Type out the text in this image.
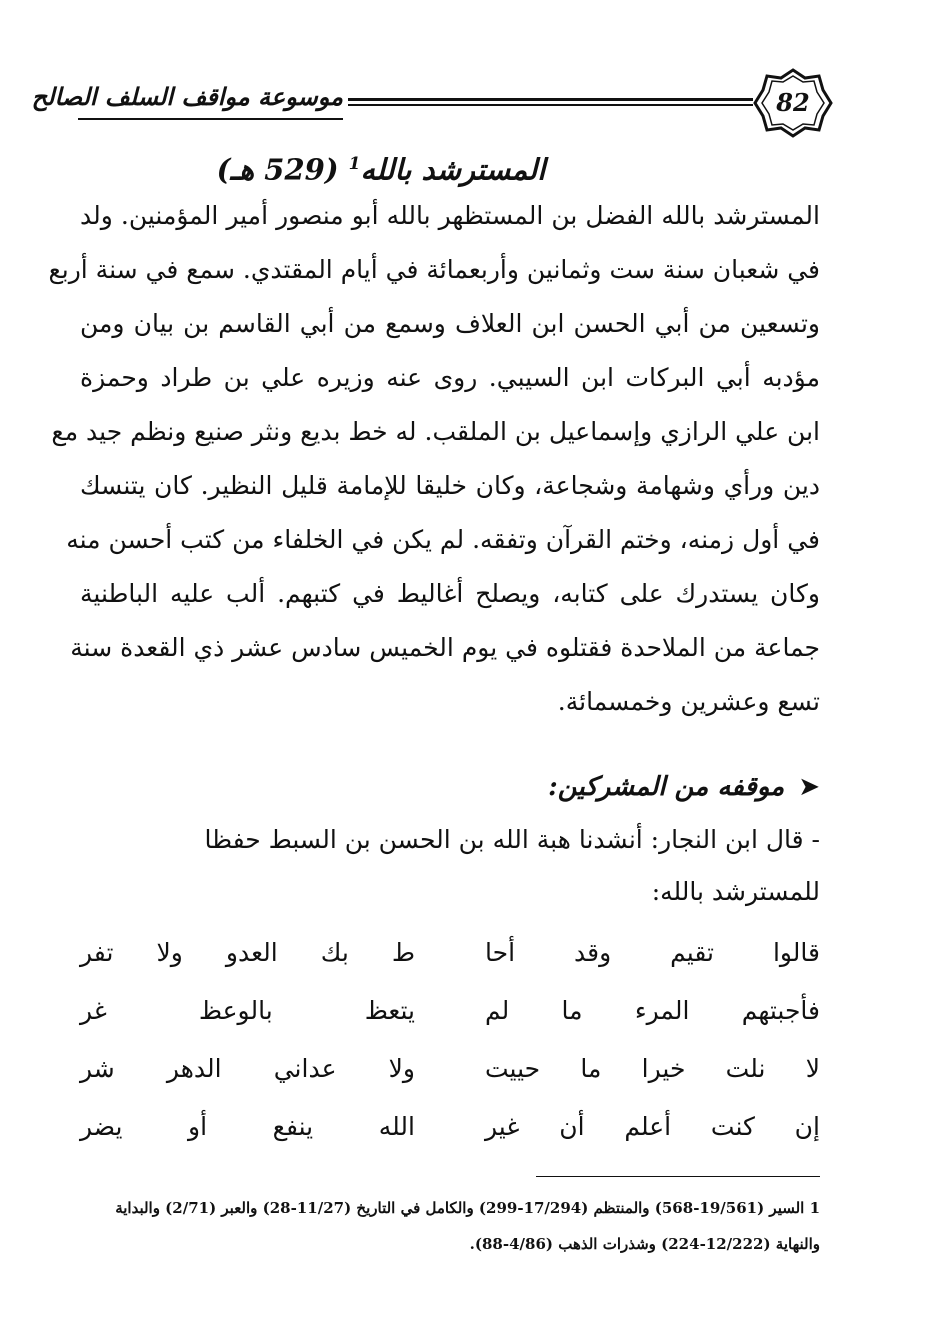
موسوعة مواقف السلف الصالح	82
المسترشد بالله$^1$ (529 هـ)
المسترشد بالله الفضل بن المستظهر بالله أبو منصور أمير المؤمنين. ولد
في شعبان سنة ست وثمانين وأربعمائة في أيام المقتدي. سمع في سنة أربع
وتسعين من أبي الحسن ابن العلاف وسمع من أبي القاسم بن بيان ومن
مؤدبه أبي البركات ابن السيبي. روى عنه وزيره علي بن طراد وحمزة
ابن علي الرازي وإسماعيل بن الملقب. له خط بديع ونثر صنيع ونظم جيد مع
دين ورأي وشهامة وشجاعة، وكان خليقا للإمامة قليل النظير. كان يتنسك
في أول زمنه، وختم القرآن وتفقه. لم يكن في الخلفاء من كتب أحسن منه
وكان يستدرك على كتابه، ويصلح أغاليط في كتبهم. ألب عليه الباطنية
جماعة من الملاحدة فقتلوه في يوم الخميس سادس عشر ذي القعدة سنة
تسع وعشرين وخمسمائة.
➤موقفه من المشركين:
- قال ابن النجار: أنشدنا هبة الله بن الحسن بن السبط حفظا
للمسترشد بالله:
قالوا تقيم وقد أحا
ط بك العدو ولا تفر
فأجبتهم المرء ما لم
يتعظ بالوعظ غر
لا نلت خيرا ما حييت
ولا عداني الدهر شر
إن كنت أعلم أن غير
الله ينفع أو يضر
1 السير (19/561-568) والمنتظم (17/294-299) والكامل في التاريخ (11/27-28) والعبر (2/71) والبداية
والنهاية (12/222-224) وشذرات الذهب (4/86-88).
